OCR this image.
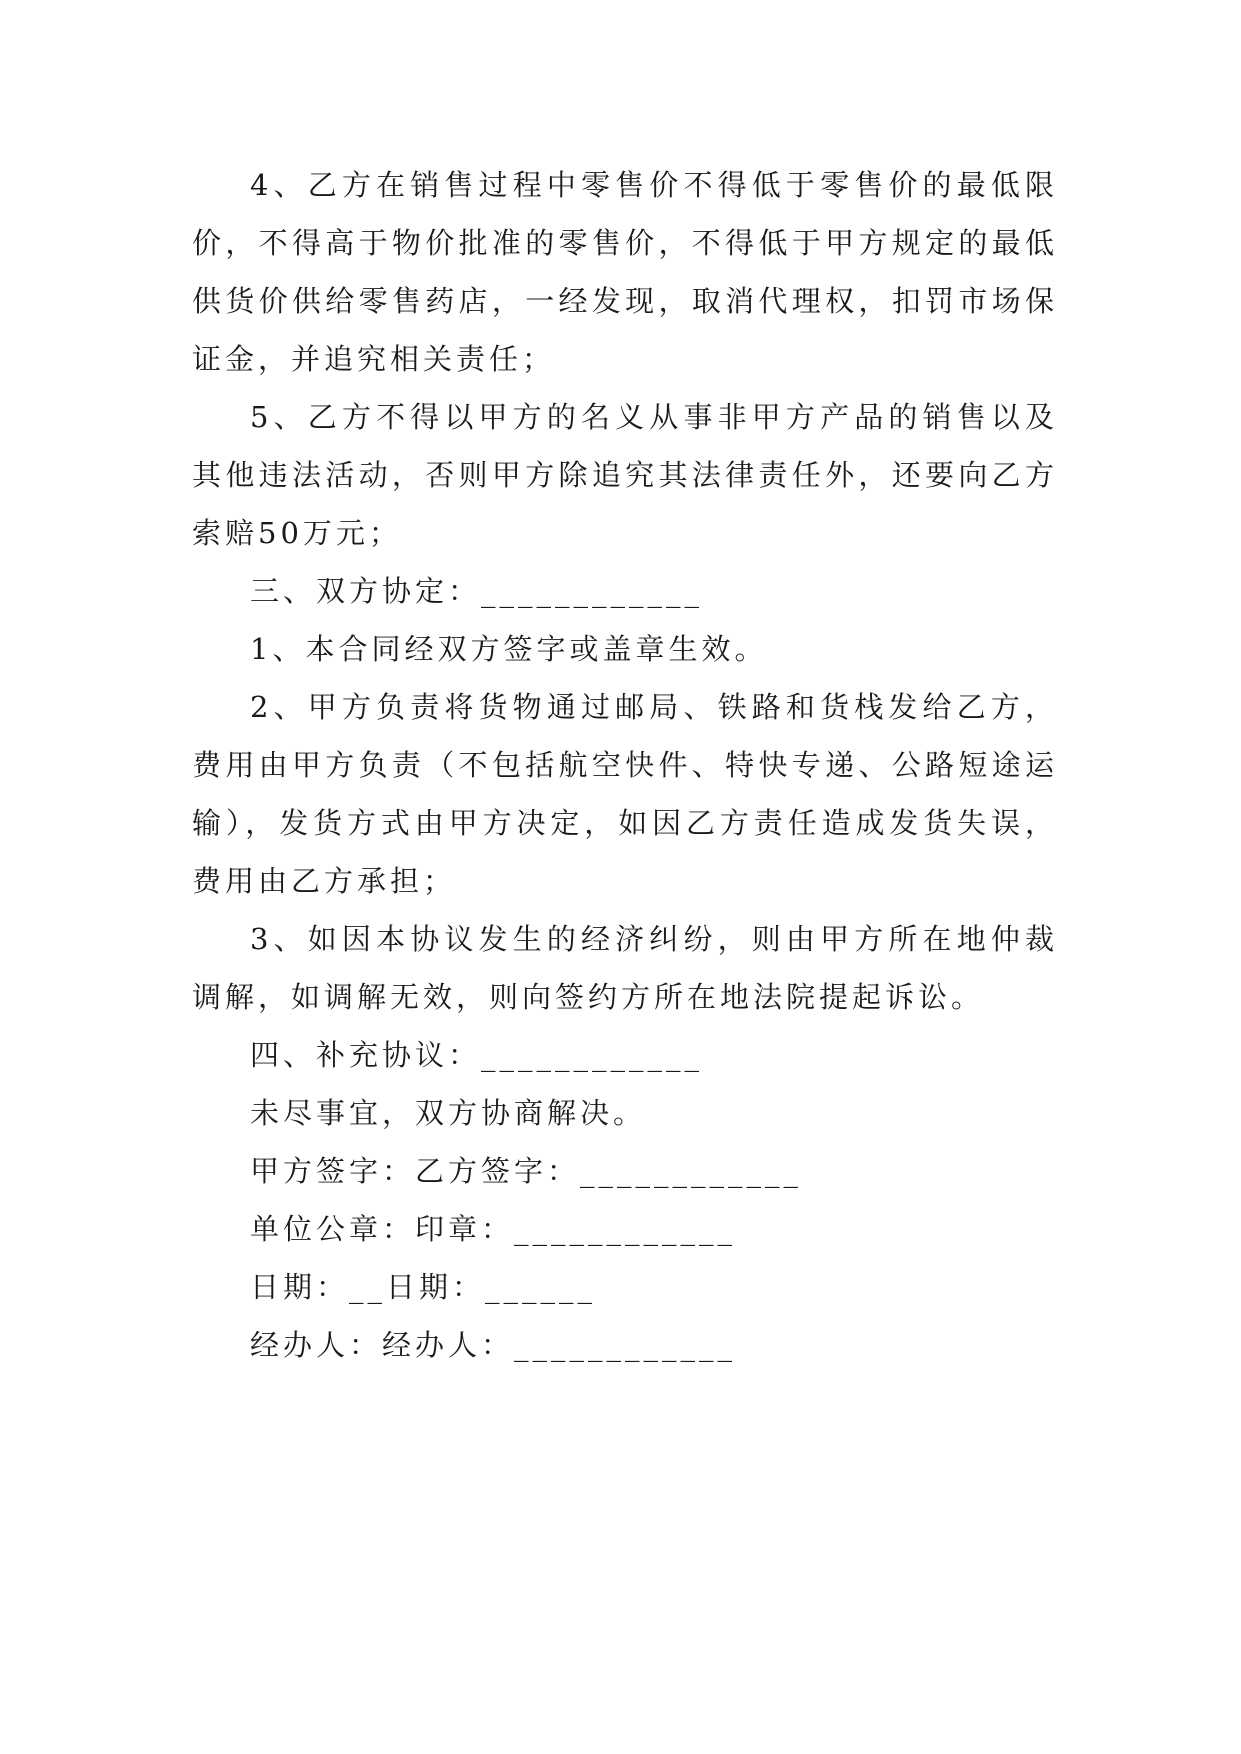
4、乙方在销售过程中零售价不得低于零售价的最低限价，不得高于物价批准的零售价，不得低于甲方规定的最低供货价供给零售药店，一经发现，取消代理权，扣罚市场保证金，并追究相关责任；

5、乙方不得以甲方的名义从事非甲方产品的销售以及其他违法活动，否则甲方除追究其法律责任外，还要向乙方索赔50万元；

三、双方协定：____________

1、本合同经双方签字或盖章生效。

2、甲方负责将货物通过邮局、铁路和货栈发给乙方，费用由甲方负责（不包括航空快件、特快专递、公路短途运输），发货方式由甲方决定，如因乙方责任造成发货失误，费用由乙方承担；

3、如因本协议发生的经济纠纷，则由甲方所在地仲裁调解，如调解无效，则向签约方所在地法院提起诉讼。

四、补充协议：____________

未尽事宜，双方协商解决。

甲方签字：乙方签字：____________

单位公章：印章：____________

日期：__日期：______

经办人：经办人：____________
